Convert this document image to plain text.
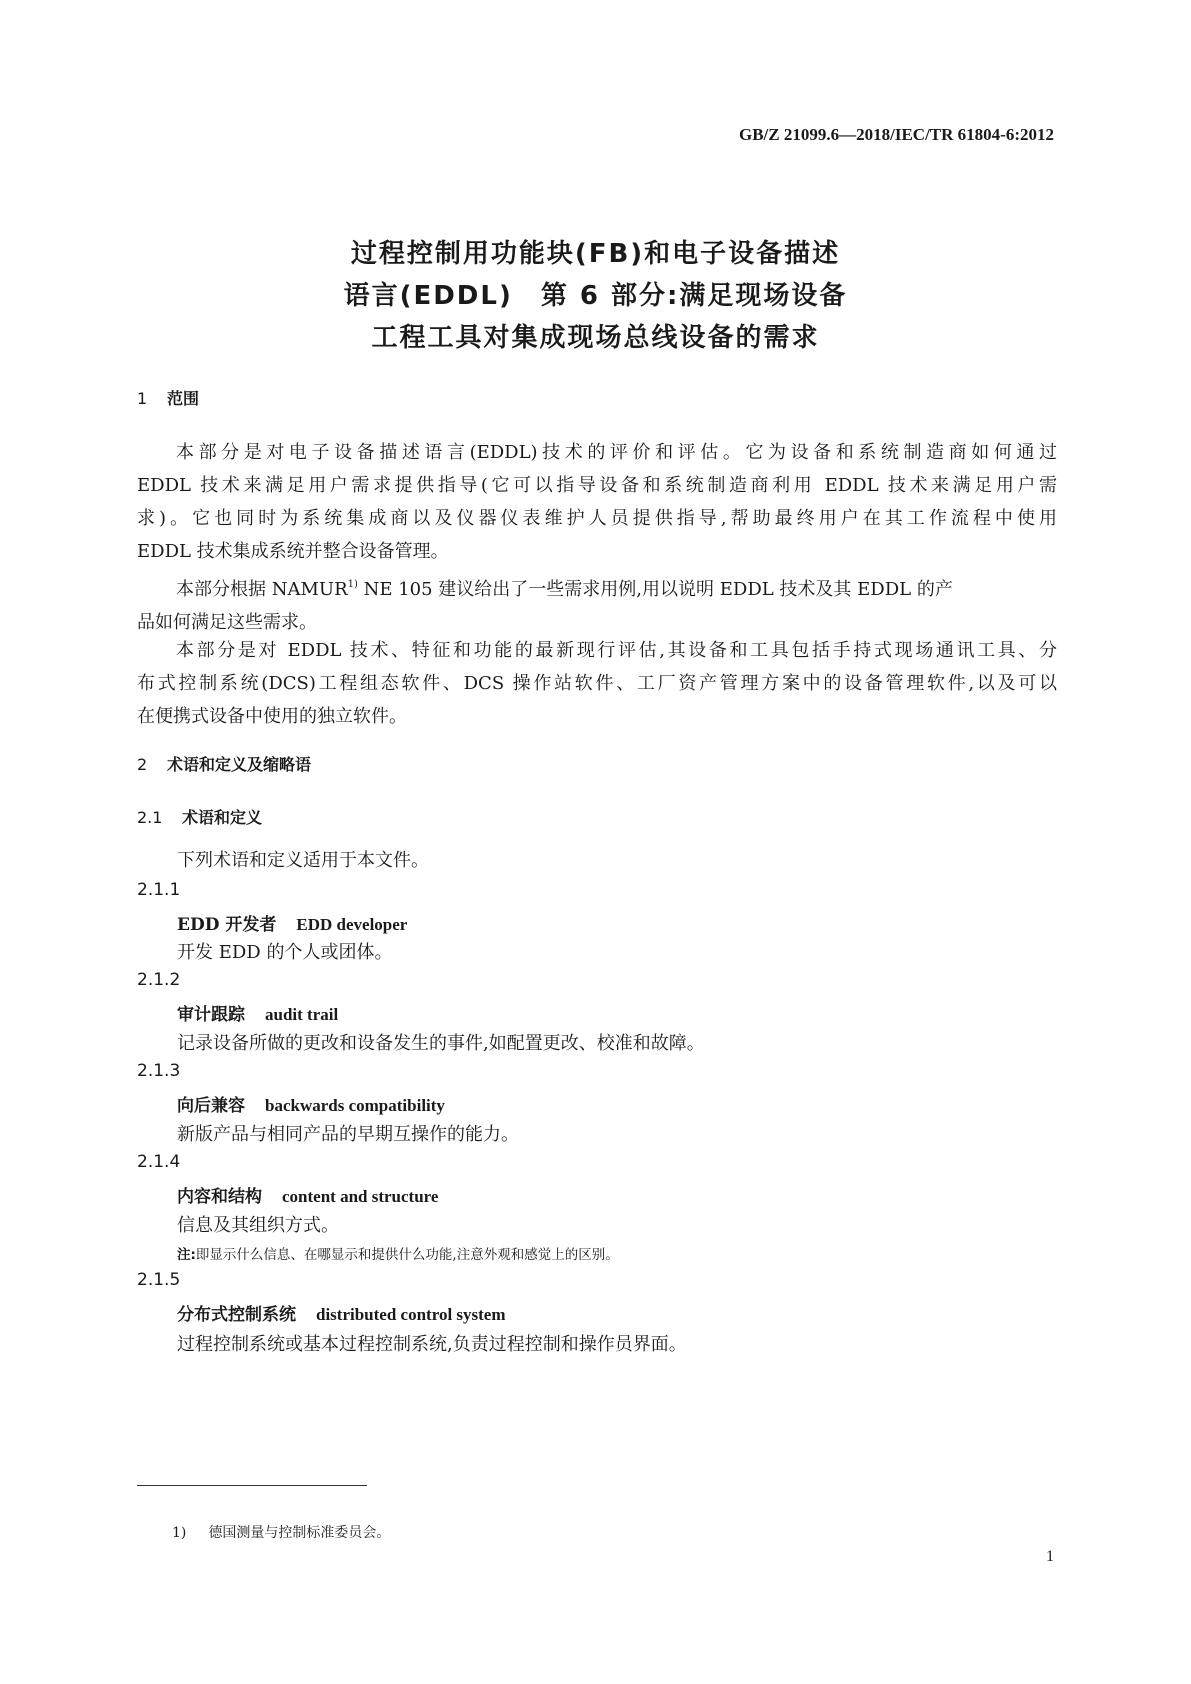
GB/Z 21099.6—2018/IEC/TR 61804-6:2012
过程控制用功能块(FB)和电子设备描述
语言(EDDL)　第 6 部分:满足现场设备
工程工具对集成现场总线设备的需求
1 范围
本部分是对电子设备描述语言(EDDL)技术的评价和评估。它为设备和系统制造商如何通过
EDDL 技术来满足用户需求提供指导(它可以指导设备和系统制造商利用 EDDL 技术来满足用户需
求)。它也同时为系统集成商以及仪器仪表维护人员提供指导,帮助最终用户在其工作流程中使用
EDDL 技术集成系统并整合设备管理。
本部分根据 NAMUR$^{1)}$ NE 105 建议给出了一些需求用例,用以说明 EDDL 技术及其 EDDL 的产
品如何满足这些需求。
本部分是对 EDDL 技术、特征和功能的最新现行评估,其设备和工具包括手持式现场通讯工具、分
布式控制系统(DCS)工程组态软件、DCS 操作站软件、工厂资产管理方案中的设备管理软件,以及可以
在便携式设备中使用的独立软件。
2 术语和定义及缩略语
2.1 术语和定义
下列术语和定义适用于本文件。
2.1.1
EDD 开发者 EDD developer
开发 EDD 的个人或团体。
2.1.2
审计跟踪 audit trail
记录设备所做的更改和设备发生的事件,如配置更改、校准和故障。
2.1.3
向后兼容 backwards compatibility
新版产品与相同产品的早期互操作的能力。
2.1.4
内容和结构 content and structure
信息及其组织方式。
注:即显示什么信息、在哪显示和提供什么功能,注意外观和感觉上的区别。
2.1.5
分布式控制系统 distributed control system
过程控制系统或基本过程控制系统,负责过程控制和操作员界面。
1) 德国测量与控制标准委员会。
1
